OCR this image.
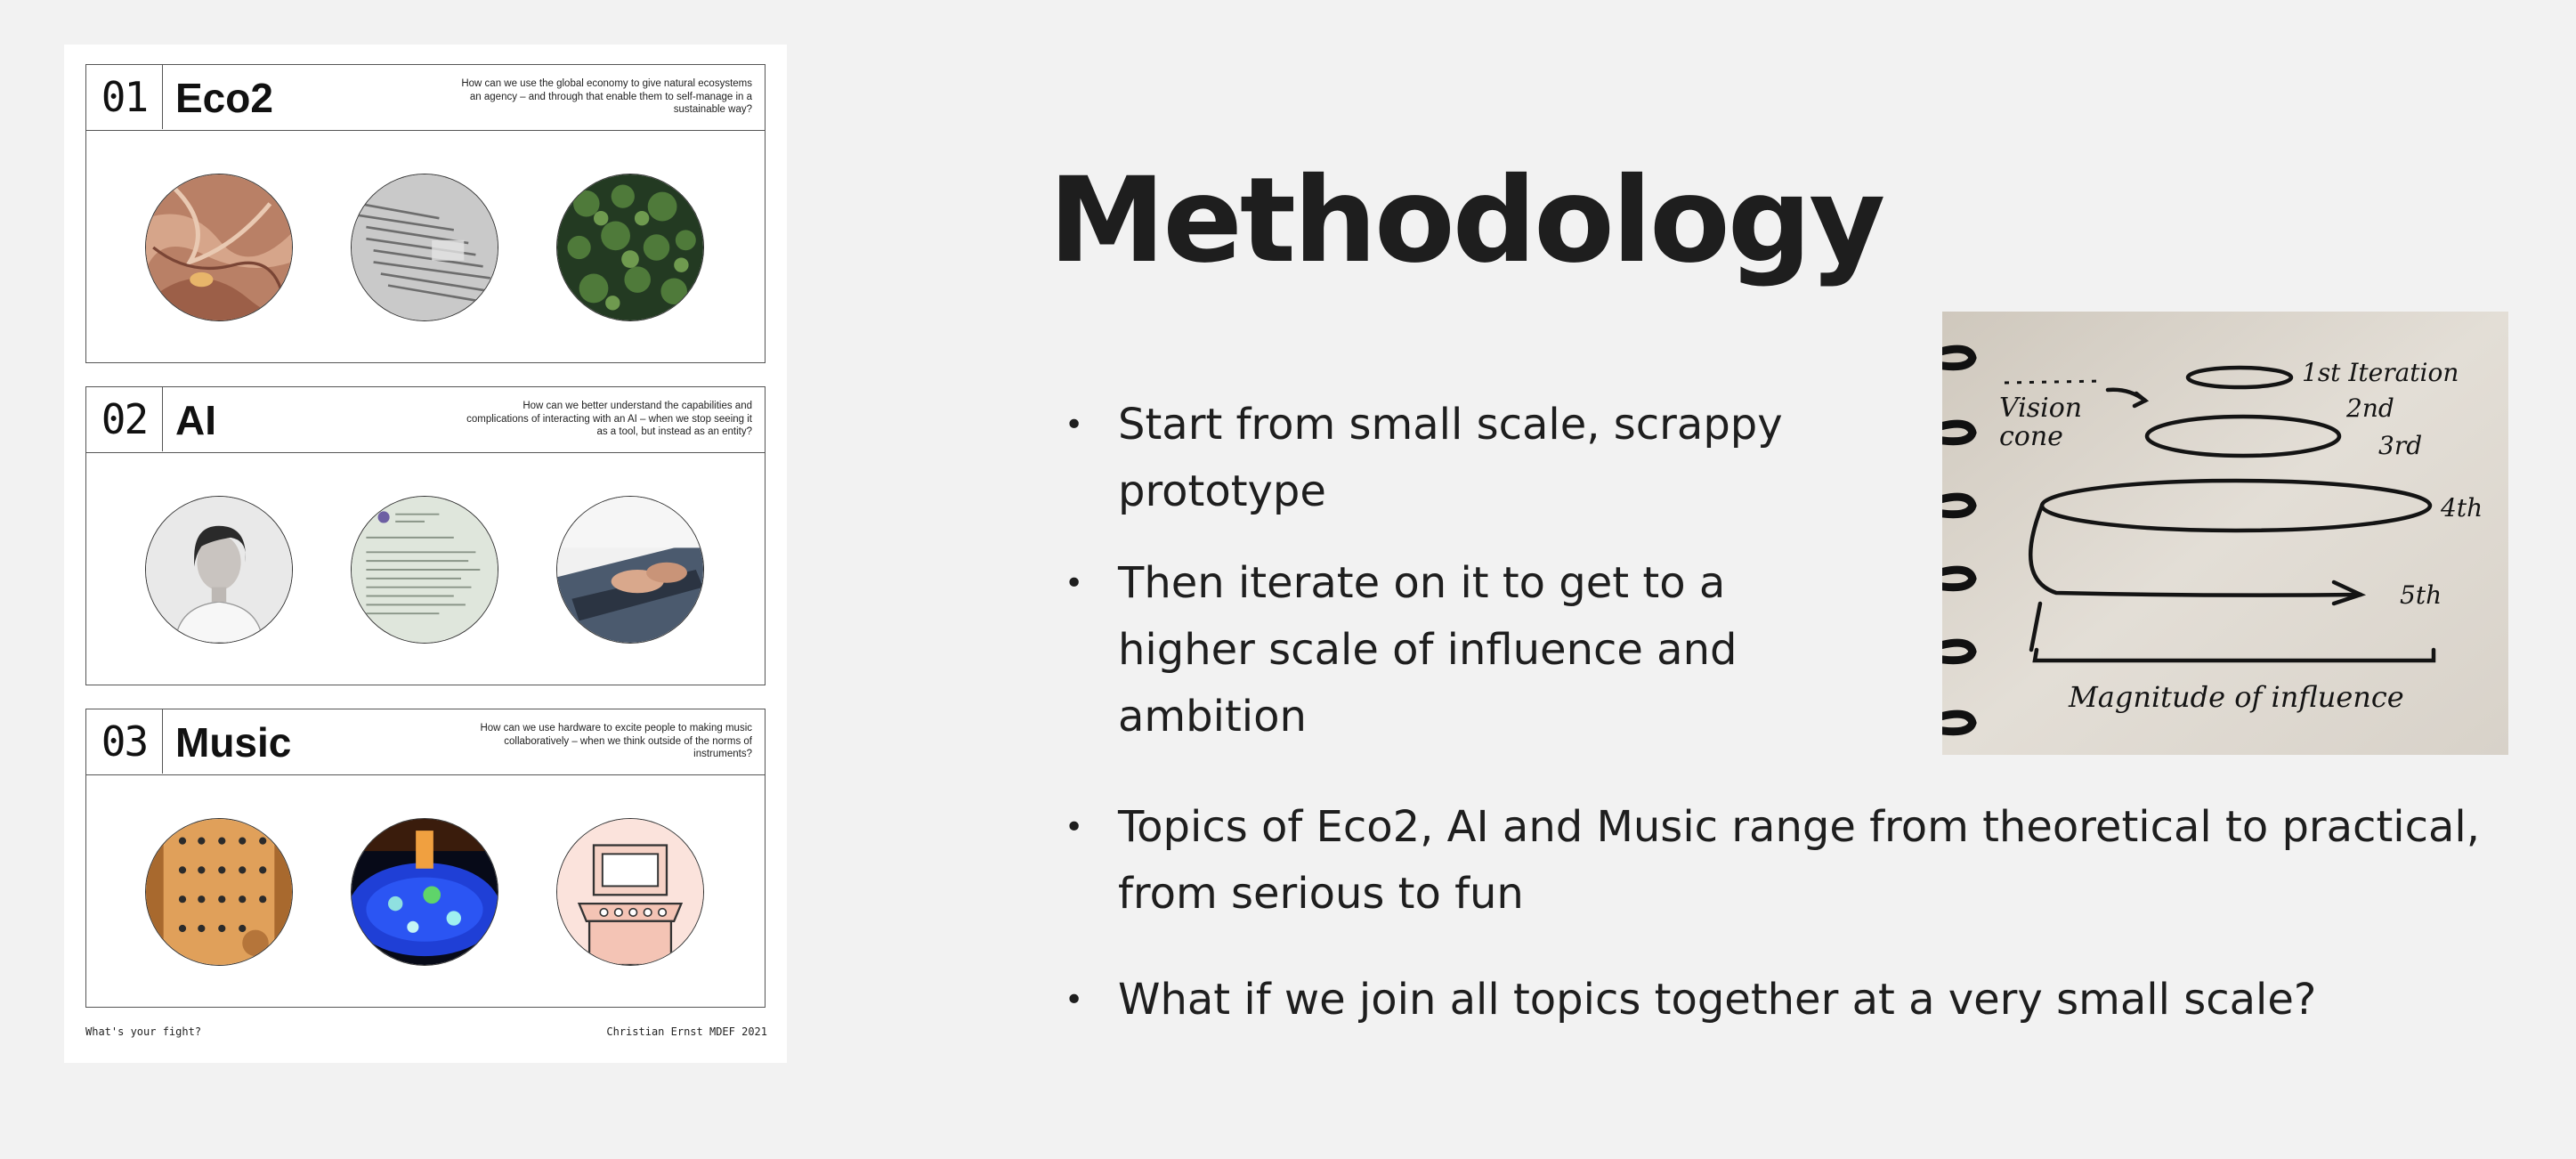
01 Eco2	How can we use the global economy to give natural ecosystems an agency – and through that enable them to self-manage in a sustainable way?
02 AI	How can we better understand the capabilities and complications of interacting with an AI – when we stop seeing it as a tool, but instead as an entity?
03 Music	How can we use hardware to excite people to making music collaboratively – when we think outside of the norms of instruments?
What's your fight?	Christian Ernst MDEF 2021
Methodology
• Start from small scale, scrappy prototype
• Then iterate on it to get to a higher scale of influence and ambition
• Topics of Eco2, AI and Music range from theoretical to practical, from serious to fun
• What if we join all topics together at a very small scale?
Vision
cone
1st Iteration
2nd
3rd
4th
5th
Magnitude of influence
